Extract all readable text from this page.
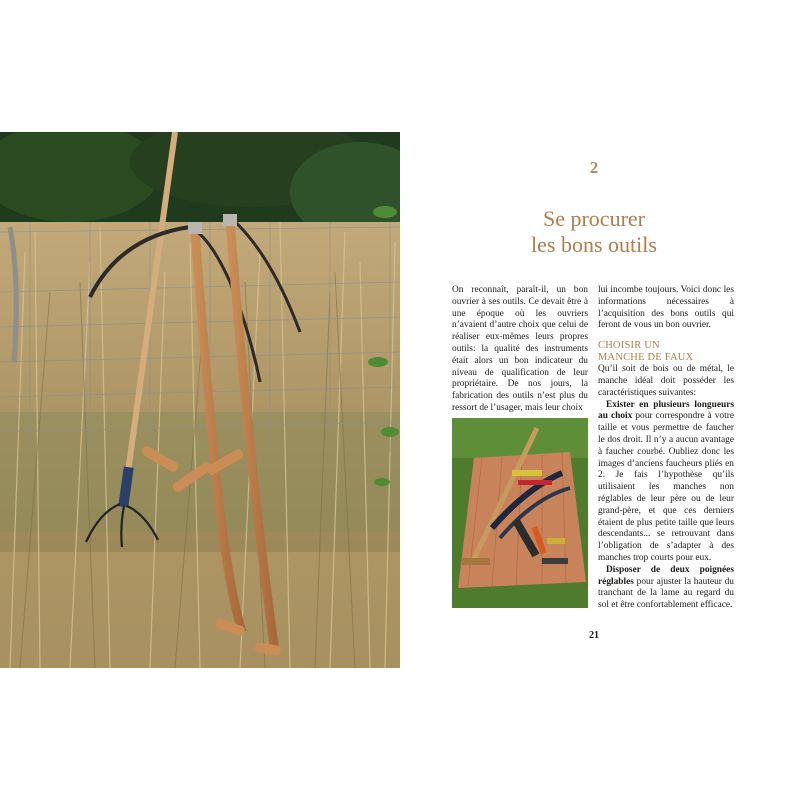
2
Se procurer
les bons outils

On reconnaît, paraît-il, un bon ouvrier à ses outils. Ce devait être à une époque où les ouvriers n’avaient d’autre choix que celui de réaliser eux-mêmes leurs propres outils: la qualité des instruments était alors un bon indicateur du niveau de qualification de leur propriétaire. De nos jours, la fabrication des outils n’est plus du ressort de l’usager, mais leur choix

lui incombe toujours. Voici donc les informations nécessaires à l’acquisition des bons outils qui feront de vous un bon ouvrier.

CHOISIR UN
MANCHE DE FAUX

Qu’il soit de bois ou de métal, le manche idéal doit posséder les caractéristiques suivantes:

Exister en plusieurs longueurs au choix pour correspondre à votre taille et vous permettre de faucher le dos droit. Il n’y a aucun avantage à faucher courbé. Oubliez donc les images d’anciens faucheurs pliés en 2. Je fais l’hypothèse qu’ils utilisaient les manches non réglables de leur père ou de leur grand-père, et que ces derniers étaient de plus petite taille que leurs descendants... se retrouvant dans l’obligation de s’adapter à des manches trop courts pour eux.

Disposer de deux poignées réglables pour ajuster la hauteur du tranchant de la lame au regard du sol et être confortablement efficace.

21
